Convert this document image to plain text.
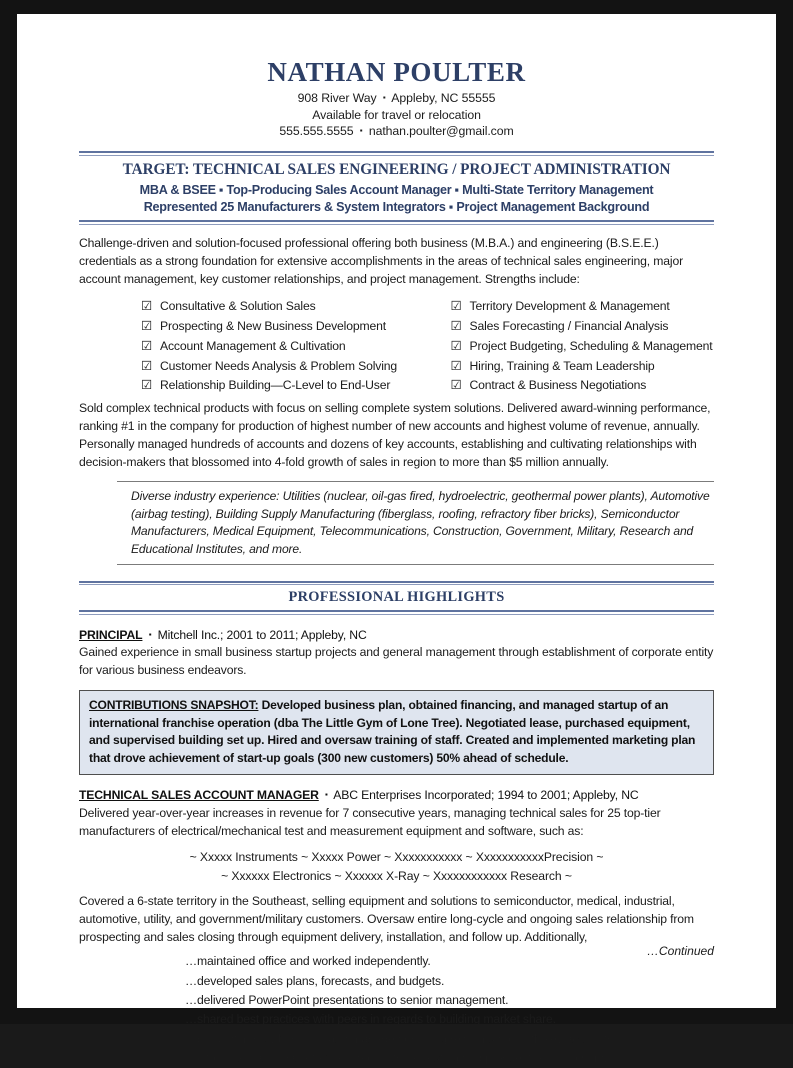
NATHAN POULTER
908 River Way ▪ Appleby, NC 55555
Available for travel or relocation
555.555.5555 ▪ nathan.poulter@gmail.com
TARGET: TECHNICAL SALES ENGINEERING / PROJECT ADMINISTRATION
MBA & BSEE ▪ Top-Producing Sales Account Manager ▪ Multi-State Territory Management
Represented 25 Manufacturers & System Integrators ▪ Project Management Background
Challenge-driven and solution-focused professional offering both business (M.B.A.) and engineering (B.S.E.E.) credentials as a strong foundation for extensive accomplishments in the areas of technical sales engineering, major account management, key customer relationships, and project management. Strengths include:
☑ Consultative & Solution Sales
☑ Prospecting & New Business Development
☑ Account Management & Cultivation
☑ Customer Needs Analysis & Problem Solving
☑ Relationship Building—C-Level to End-User
☑ Territory Development & Management
☑ Sales Forecasting / Financial Analysis
☑ Project Budgeting, Scheduling & Management
☑ Hiring, Training & Team Leadership
☑ Contract & Business Negotiations
Sold complex technical products with focus on selling complete system solutions. Delivered award-winning performance, ranking #1 in the company for production of highest number of new accounts and highest volume of revenue, annually. Personally managed hundreds of accounts and dozens of key accounts, establishing and cultivating relationships with decision-makers that blossomed into 4-fold growth of sales in region to more than $5 million annually.
Diverse industry experience: Utilities (nuclear, oil-gas fired, hydroelectric, geothermal power plants), Automotive (airbag testing), Building Supply Manufacturing (fiberglass, roofing, refractory fiber bricks), Semiconductor Manufacturers, Medical Equipment, Telecommunications, Construction, Government, Military, Research and Educational Institutes, and more.
PROFESSIONAL HIGHLIGHTS
PRINCIPAL ▪ Mitchell Inc.; 2001 to 2011; Appleby, NC
Gained experience in small business startup projects and general management through establishment of corporate entity for various business endeavors.
CONTRIBUTIONS SNAPSHOT: Developed business plan, obtained financing, and managed startup of an international franchise operation (dba The Little Gym of Lone Tree). Negotiated lease, purchased equipment, and supervised building set up. Hired and oversaw training of staff. Created and implemented marketing plan that drove achievement of start-up goals (300 new customers) 50% ahead of schedule.
TECHNICAL SALES ACCOUNT MANAGER ▪ ABC Enterprises Incorporated; 1994 to 2001; Appleby, NC
Delivered year-over-year increases in revenue for 7 consecutive years, managing technical sales for 25 top-tier manufacturers of electrical/mechanical test and measurement equipment and software, such as:
~ Xxxxx Instruments ~ Xxxxx Power ~ Xxxxxxxxxxx ~ XxxxxxxxxxxPrecision ~
~ Xxxxxx Electronics ~ Xxxxxx X-Ray ~ Xxxxxxxxxxxx Research ~
Covered a 6-state territory in the Southeast, selling equipment and solutions to semiconductor, medical, industrial, automotive, utility, and government/military customers. Oversaw entire long-cycle and ongoing sales relationship from prospecting and sales closing through equipment delivery, installation, and follow up. Additionally,
…maintained office and worked independently.
…developed sales plans, forecasts, and budgets.
…delivered PowerPoint presentations to senior management.
…shared best practices with peers in regards to building market share.
…brought in new business and managed ongoing relationships with key accounts.
…introduced and marketed new products to existing and prospective customers.
…Continued
